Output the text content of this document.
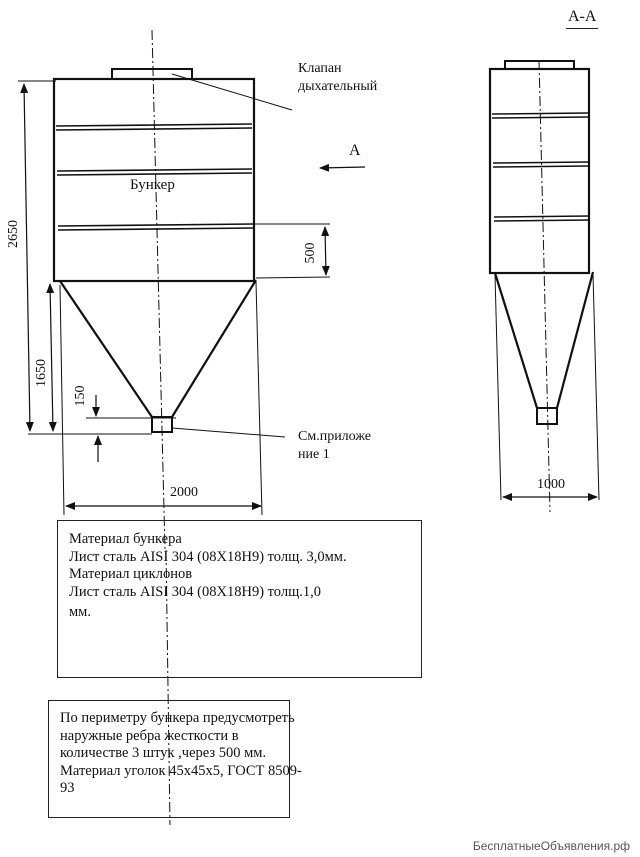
Бункер
Клапан
дыхательный
А
См.приложе
ние 1
2650
1650
150
500
2000
А-А
1000
Материал бункера
Лист сталь AISI 304 (08Х18Н9) толщ. 3,0мм.
Материал циклонов
Лист сталь AISI 304 (08Х18Н9) толщ.1,0
мм.
По периметру бункера предусмотреть
наружные ребра жесткости в
количестве 3 штук ,через 500 мм.
Материал уголок 45х45х5, ГОСТ 8509-
93
БесплатныеОбъявления.рф
